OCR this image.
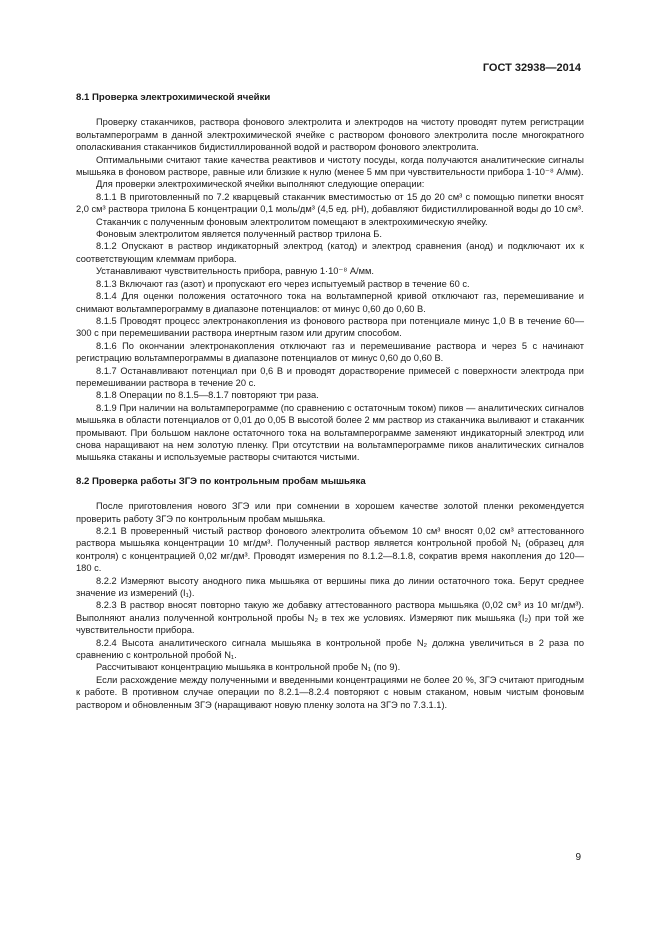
ГОСТ 32938—2014
8.1 Проверка электрохимической ячейки

Проверку стаканчиков, раствора фонового электролита и электродов на чистоту проводят путем регистрации вольтамперограмм в данной электрохимической ячейке с раствором фонового электролита после многократного ополаскивания стаканчиков бидистиллированной водой и раствором фонового электролита.

Оптимальными считают такие качества реактивов и чистоту посуды, когда получаются аналитические сигналы мышьяка в фоновом растворе, равные или близкие к нулю (менее 5 мм при чувствительности прибора 1·10⁻⁸ А/мм).

Для проверки электрохимической ячейки выполняют следующие операции:

8.1.1 В приготовленный по 7.2 кварцевый стаканчик вместимостью от 15 до 20 см³ с помощью пипетки вносят 2,0 см³ раствора трилона Б концентрации 0,1 моль/дм³ (4,5 ед. pH), добавляют бидистиллированной воды до 10 см³.

Стаканчик с полученным фоновым электролитом помещают в электрохимическую ячейку.

Фоновым электролитом является полученный раствор трилона Б.

8.1.2 Опускают в раствор индикаторный электрод (катод) и электрод сравнения (анод) и подключают их к соответствующим клеммам прибора.

Устанавливают чувствительность прибора, равную 1·10⁻⁸ А/мм.

8.1.3 Включают газ (азот) и пропускают его через испытуемый раствор в течение 60 с.

8.1.4 Для оценки положения остаточного тока на вольтамперной кривой отключают газ, перемешивание и снимают вольтамперограмму в диапазоне потенциалов: от минус 0,60 до 0,60 В.

8.1.5 Проводят процесс электронакопления из фонового раствора при потенциале минус 1,0 В в течение 60—300 с при перемешивании раствора инертным газом или другим способом.

8.1.6 По окончании электронакопления отключают газ и перемешивание раствора и через 5 с начинают регистрацию вольтамперограммы в диапазоне потенциалов от минус 0,60 до 0,60 В.

8.1.7 Останавливают потенциал при 0,6 В и проводят дорастворение примесей с поверхности электрода при перемешивании раствора в течение 20 с.

8.1.8 Операции по 8.1.5—8.1.7 повторяют три раза.

8.1.9 При наличии на вольтамперограмме (по сравнению с остаточным током) пиков — аналитических сигналов мышьяка в области потенциалов от 0,01 до 0,05 В высотой более 2 мм раствор из стаканчика выливают и стаканчик промывают. При большом наклоне остаточного тока на вольтамперограмме заменяют индикаторный электрод или снова наращивают на нем золотую пленку. При отсутствии на вольтамперограмме пиков аналитических сигналов мышьяка стаканы и используемые растворы считаются чистыми.

8.2 Проверка работы ЗГЭ по контрольным пробам мышьяка

После приготовления нового ЗГЭ или при сомнении в хорошем качестве золотой пленки рекомендуется проверить работу ЗГЭ по контрольным пробам мышьяка.

8.2.1 В проверенный чистый раствор фонового электролита объемом 10 см³ вносят 0,02 см³ аттестованного раствора мышьяка концентрации 10 мг/дм³. Полученный раствор является контрольной пробой N₁ (образец для контроля) с концентрацией 0,02 мг/дм³. Проводят измерения по 8.1.2—8.1.8, сократив время накопления до 120—180 с.

8.2.2 Измеряют высоту анодного пика мышьяка от вершины пика до линии остаточного тока. Берут среднее значение из измерений (I₁).

8.2.3 В раствор вносят повторно такую же добавку аттестованного раствора мышьяка (0,02 см³ из 10 мг/дм³). Выполняют анализ полученной контрольной пробы N₂ в тех же условиях. Измеряют пик мышьяка (I₂) при той же чувствительности прибора.

8.2.4 Высота аналитического сигнала мышьяка в контрольной пробе N₂ должна увеличиться в 2 раза по сравнению с контрольной пробой N₁.

Рассчитывают концентрацию мышьяка в контрольной пробе N₁ (по 9).

Если расхождение между полученными и введенными концентрациями не более 20 %, ЗГЭ считают пригодным к работе. В противном случае операции по 8.2.1—8.2.4 повторяют с новым стаканом, новым чистым фоновым раствором и обновленным ЗГЭ (наращивают новую пленку золота на ЗГЭ по 7.3.1.1).

9
